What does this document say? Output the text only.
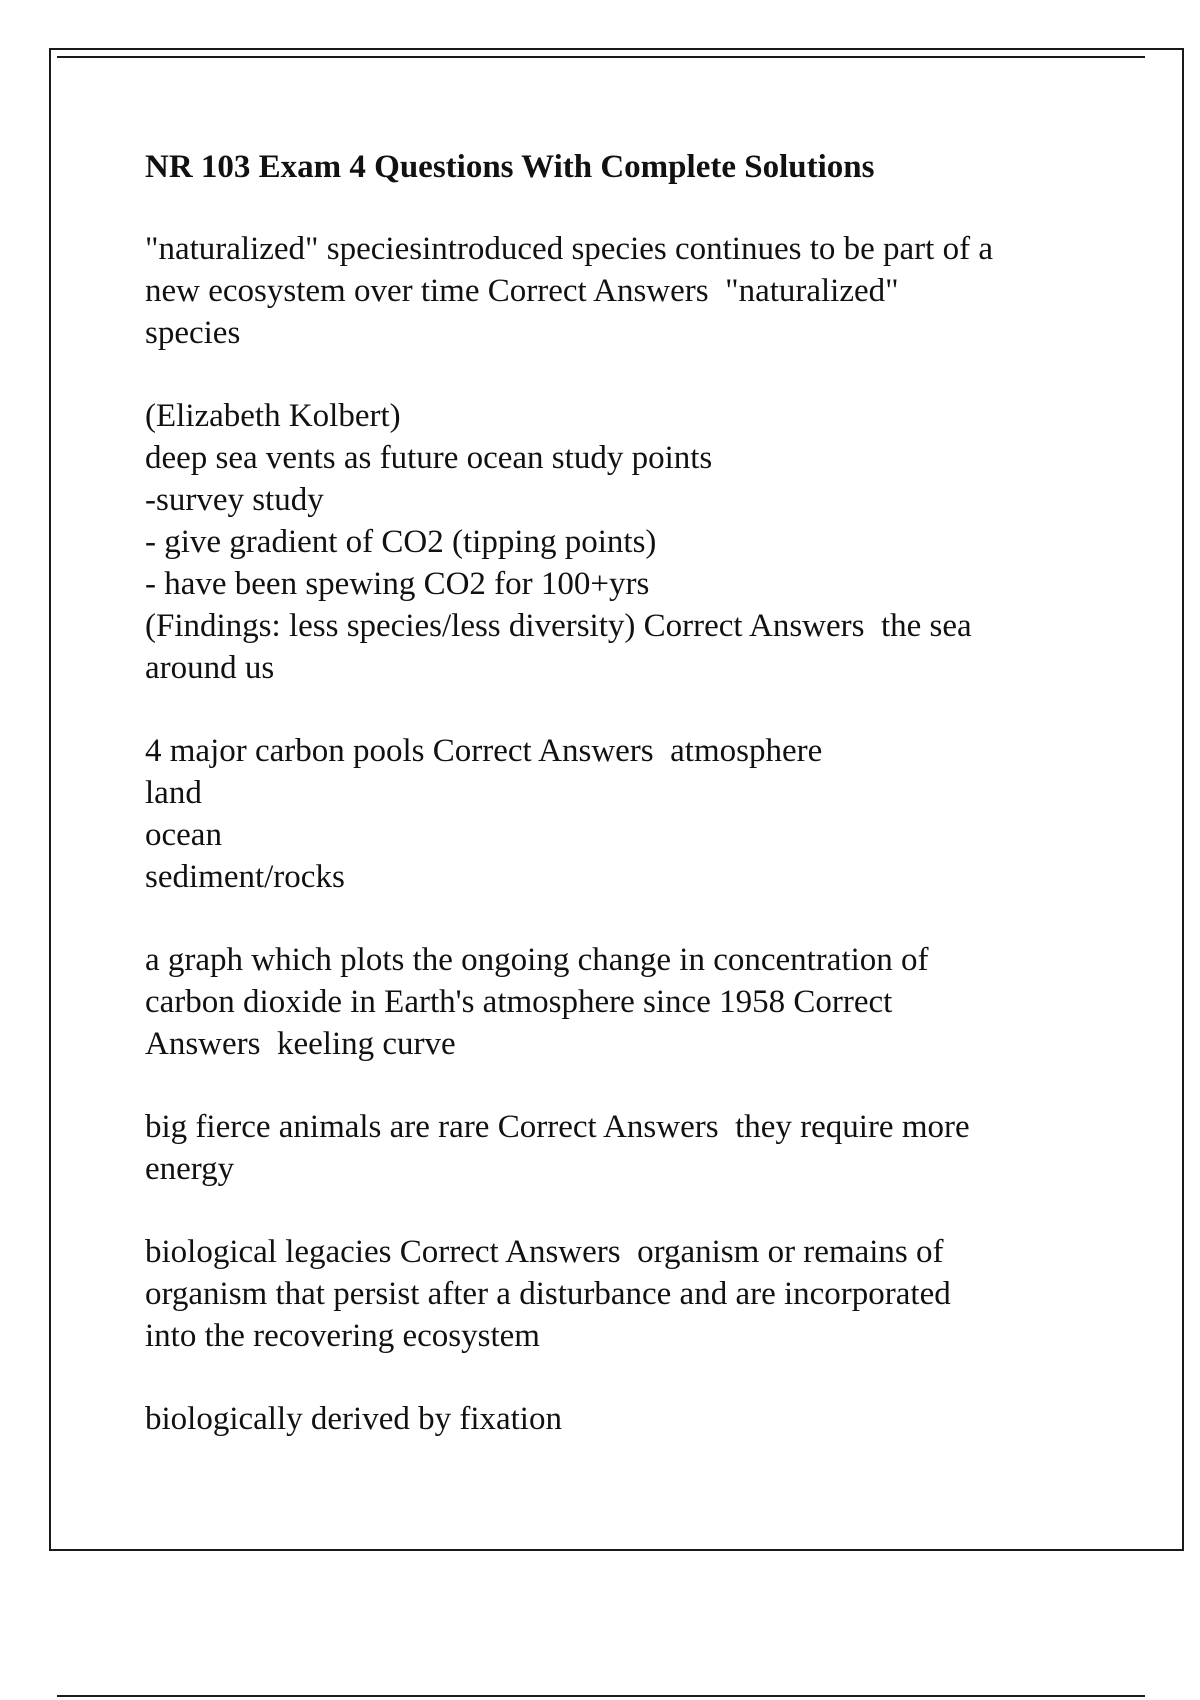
NR 103 Exam 4 Questions With Complete Solutions
"naturalized" speciesintroduced species continues to be part of a
new ecosystem over time Correct Answers  "naturalized"
species
(Elizabeth Kolbert)
deep sea vents as future ocean study points
-survey study
- give gradient of CO2 (tipping points)
- have been spewing CO2 for 100+yrs
(Findings: less species/less diversity) Correct Answers  the sea
around us
4 major carbon pools Correct Answers  atmosphere
land
ocean
sediment/rocks
a graph which plots the ongoing change in concentration of
carbon dioxide in Earth's atmosphere since 1958 Correct
Answers  keeling curve
big fierce animals are rare Correct Answers  they require more
energy
biological legacies Correct Answers  organism or remains of
organism that persist after a disturbance and are incorporated
into the recovering ecosystem
biologically derived by fixation
